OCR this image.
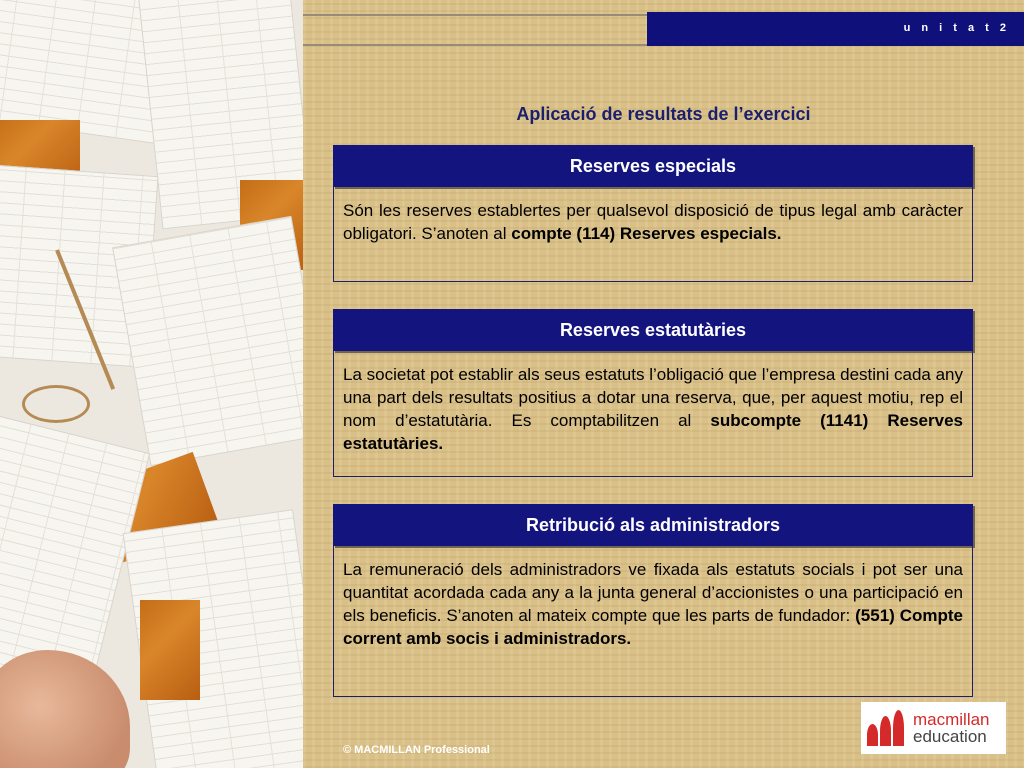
u n i t a t 2
Aplicació de resultats de l’exercici
Reserves especials
Són les reserves establertes per qualsevol disposició de tipus legal amb caràcter obligatori. S’anoten al compte (114) Reserves especials.
Reserves estatutàries
La societat pot establir als seus estatuts l’obligació que l’empresa destini cada any una part dels resultats positius a dotar una reserva, que, per aquest motiu, rep el nom d’estatutària. Es comptabilitzen al subcompte (1141) Reserves estatutàries.
Retribució als administradors
La remuneració dels administradors ve fixada als estatuts socials i pot ser una quantitat acordada cada any a la junta general d’accionistes o una participació en els beneficis. S’anoten al mateix compte que les parts de fundador: (551) Compte corrent amb socis i administradors.
© MACMILLAN Professional
macmillan
education
